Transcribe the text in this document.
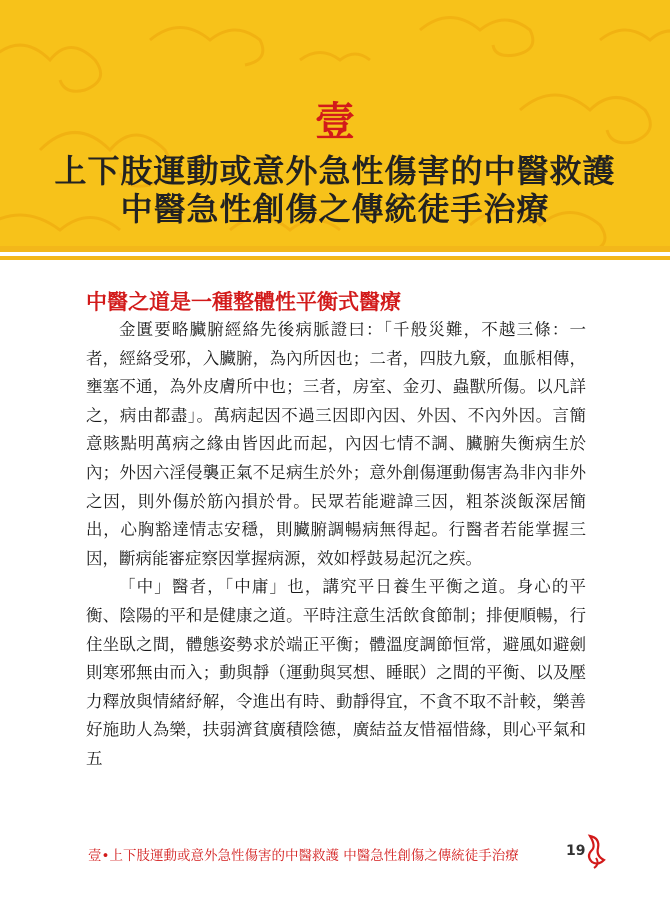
壹
上下肢運動或意外急性傷害的中醫救護
中醫急性創傷之傳統徒手治療
中醫之道是一種整體性平衡式醫療

金匱要略臟腑經絡先後病脈證曰：「千般災難，不越三條：一者，經絡受邪，入臟腑，為內所因也；二者，四肢九竅，血脈相傳，壅塞不通，為外皮膚所中也；三者，房室、金刃、蟲獸所傷。以凡詳之，病由都盡」。萬病起因不過三因即內因、外因、不內外因。言簡意賅點明萬病之緣由皆因此而起，內因七情不調、臟腑失衡病生於內；外因六淫侵襲正氣不足病生於外；意外創傷運動傷害為非內非外之因，則外傷於筋內損於骨。民眾若能避諱三因，粗茶淡飯深居簡出，心胸豁達情志安穩，則臟腑調暢病無得起。行醫者若能掌握三因，斷病能審症察因掌握病源，效如桴鼓易起沉之疾。

「中」醫者，「中庸」也，講究平日養生平衡之道。身心的平衡、陰陽的平和是健康之道。平時注意生活飲食節制；排便順暢，行住坐臥之間，體態姿勢求於端正平衡；體溫度調節恒常，避風如避劍則寒邪無由而入；動與靜（運動與冥想、睡眠）之間的平衡、以及壓力釋放與情緒紓解，令進出有時、動靜得宜，不貪不取不計較，樂善好施助人為樂，扶弱濟貧廣積陰德，廣結益友惜福惜緣，則心平氣和五

壹•上下肢運動或意外急性傷害的中醫救護 中醫急性創傷之傳統徒手治療	19
